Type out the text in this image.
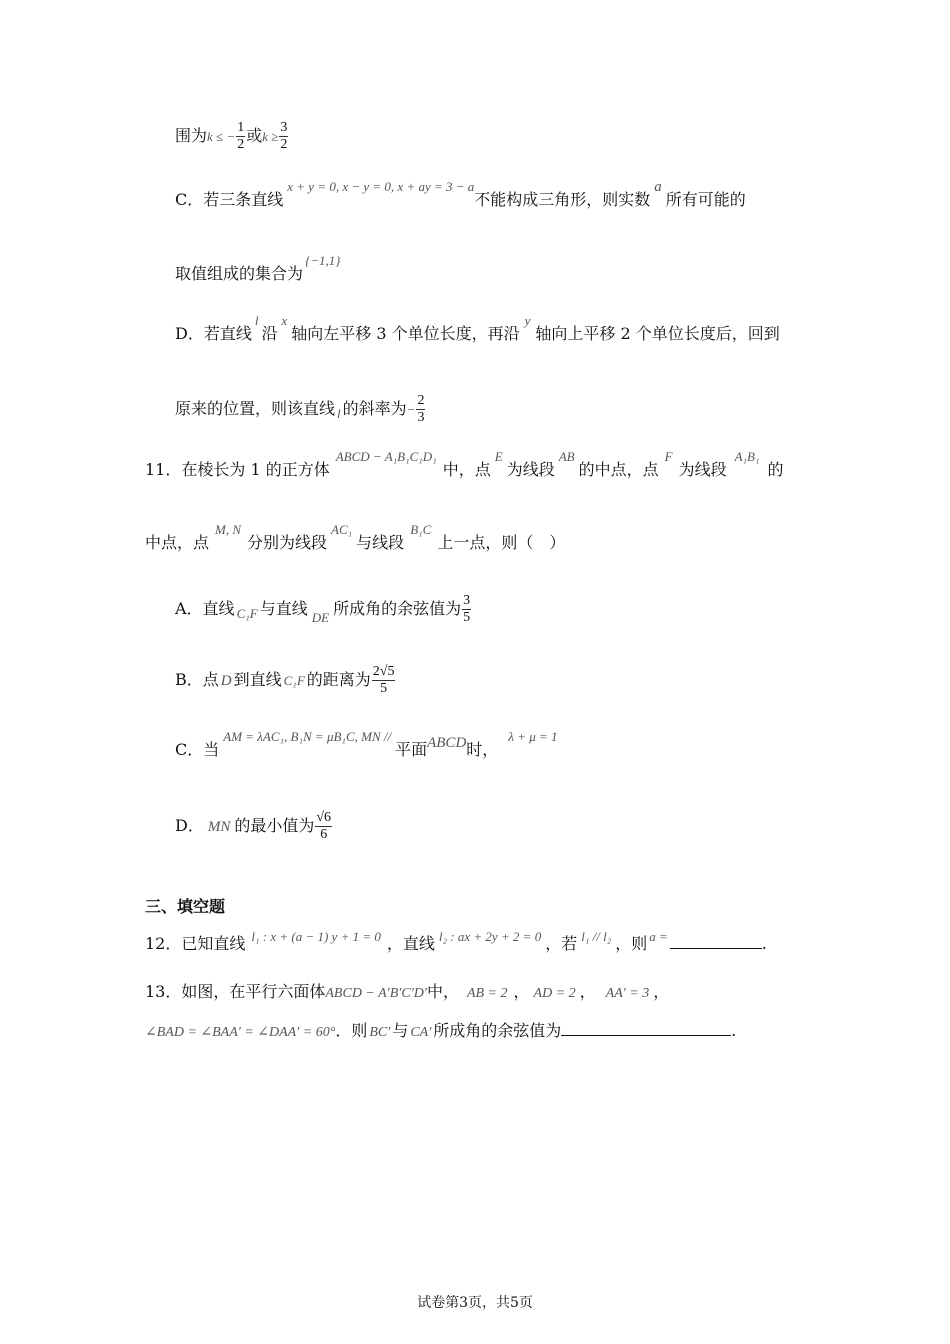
围为k ≤ − $\frac{1}{2}$ 或$k \ge \frac{3}{2}$
C．若三条直线$^{x + y = 0, x - y = 0, x + ay = 3 - a}$不能构成三角形，则实数a所有可能的
取值组成的集合为$^{\{-1,1\}}$
D．若直线$^l$沿$^x$轴向左平移 3 个单位长度，再沿$^y$轴向上平移 2 个单位长度后，回到
原来的位置，则该直线 $_l$ 的斜率为− $\frac{2}{3}$
11．在棱长为 1 的正方体$^{ABCD - A_1B_1C_1D_1}$中，点$^E$为线段$^{AB}$的中点，点$^F$为线段$^{A_1B_1}$的
中点，点$^{M, N}$分别为线段$^{AC_1}$与线段$^{B_1C}$上一点，则（　）
A．直线 $_{C_1F}$ 与直线 $_{DE}$ 所成角的余弦值为 $\frac{3}{5}$
B．点 D 到直线 C₁F 的距离为 $\frac{2√5}{5}$
C．当$^{AM = \lambda AC_1, B_1N = \mu B_1C, MN //}$平面ABCD时，$^{\lambda + \mu = 1}$
D． MN 的最小值为 $\frac{√6}{6}$
三、填空题
12．已知直线 $^{l_1 : x + (a - 1) y + 1 = 0}$ ，直线 $^{l_2 : ax + 2y + 2 = 0}$ ，若 $^{l_1 // l_2}$ ，则 $^{a =}$	.
13．如图，在平行六面体ABCD − A′B′C′D′中， AB = 2 ， AD = 2 ， AA′ = 3 ，
∠BAD = ∠BAA′ = ∠DAA′ = 60°．则 BC′ 与 CA′ 所成角的余弦值为	.
试卷第3页，共5页
